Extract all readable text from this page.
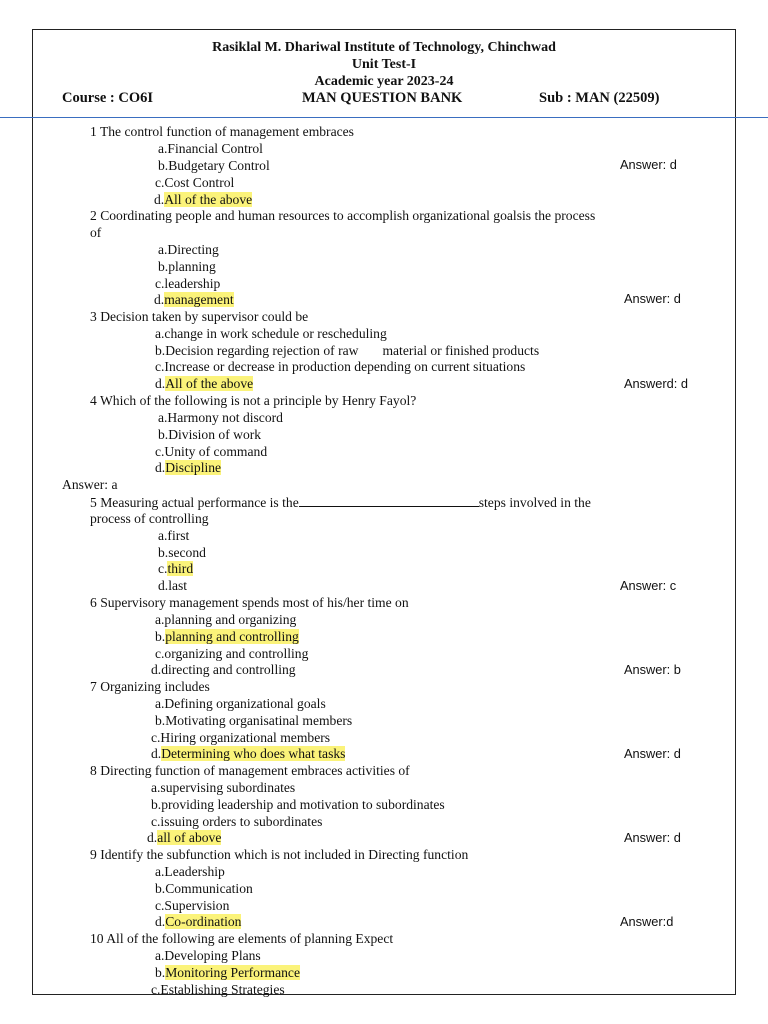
Rasiklal M. Dhariwal Institute of Technology, Chinchwad
Unit Test-I
Academic year 2023-24
Course : CO6I	MAN QUESTION BANK	Sub : MAN (22509)
1 The control function of management embraces
a.Financial Control
b.Budgetary Control
c.Cost Control
d.All of the above
Answer: d
2 Coordinating people and human resources to accomplish organizational goalsis the process
of
a.Directing
b.planning
c.leadership
d.management	Answer: d
3 Decision taken by supervisor could be
a.change in work schedule or rescheduling
b.Decision regarding rejection of raw material or finished products
c.Increase or decrease in production depending on current situations
d.All of the above	Answerd: d
4 Which of the following is not a principle by Henry Fayol?
a.Harmony not discord
b.Division of work
c.Unity of command
d.Discipline
Answer: a
5 Measuring actual performance is the	steps involved in the
process of controlling
a.first
b.second
c.third
d.last	Answer: c
6 Supervisory management spends most of his/her time on
a.planning and organizing
b.planning and controlling
c.organizing and controlling
d.directing and controlling	Answer: b
7 Organizing includes
a.Defining organizational goals
b.Motivating organisatinal members
c.Hiring organizational members
d.Determining who does what tasks	Answer: d
8 Directing function of management embraces activities of
a.supervising subordinates
b.providing leadership and motivation to subordinates
c.issuing orders to subordinates
d.all of above	Answer: d
9 Identify the subfunction which is not included in Directing function
a.Leadership
b.Communication
c.Supervision
d.Co-ordination	Answer:d
10 All of the following are elements of planning Expect
a.Developing Plans
b.Monitoring Performance
c.Establishing Strategies
